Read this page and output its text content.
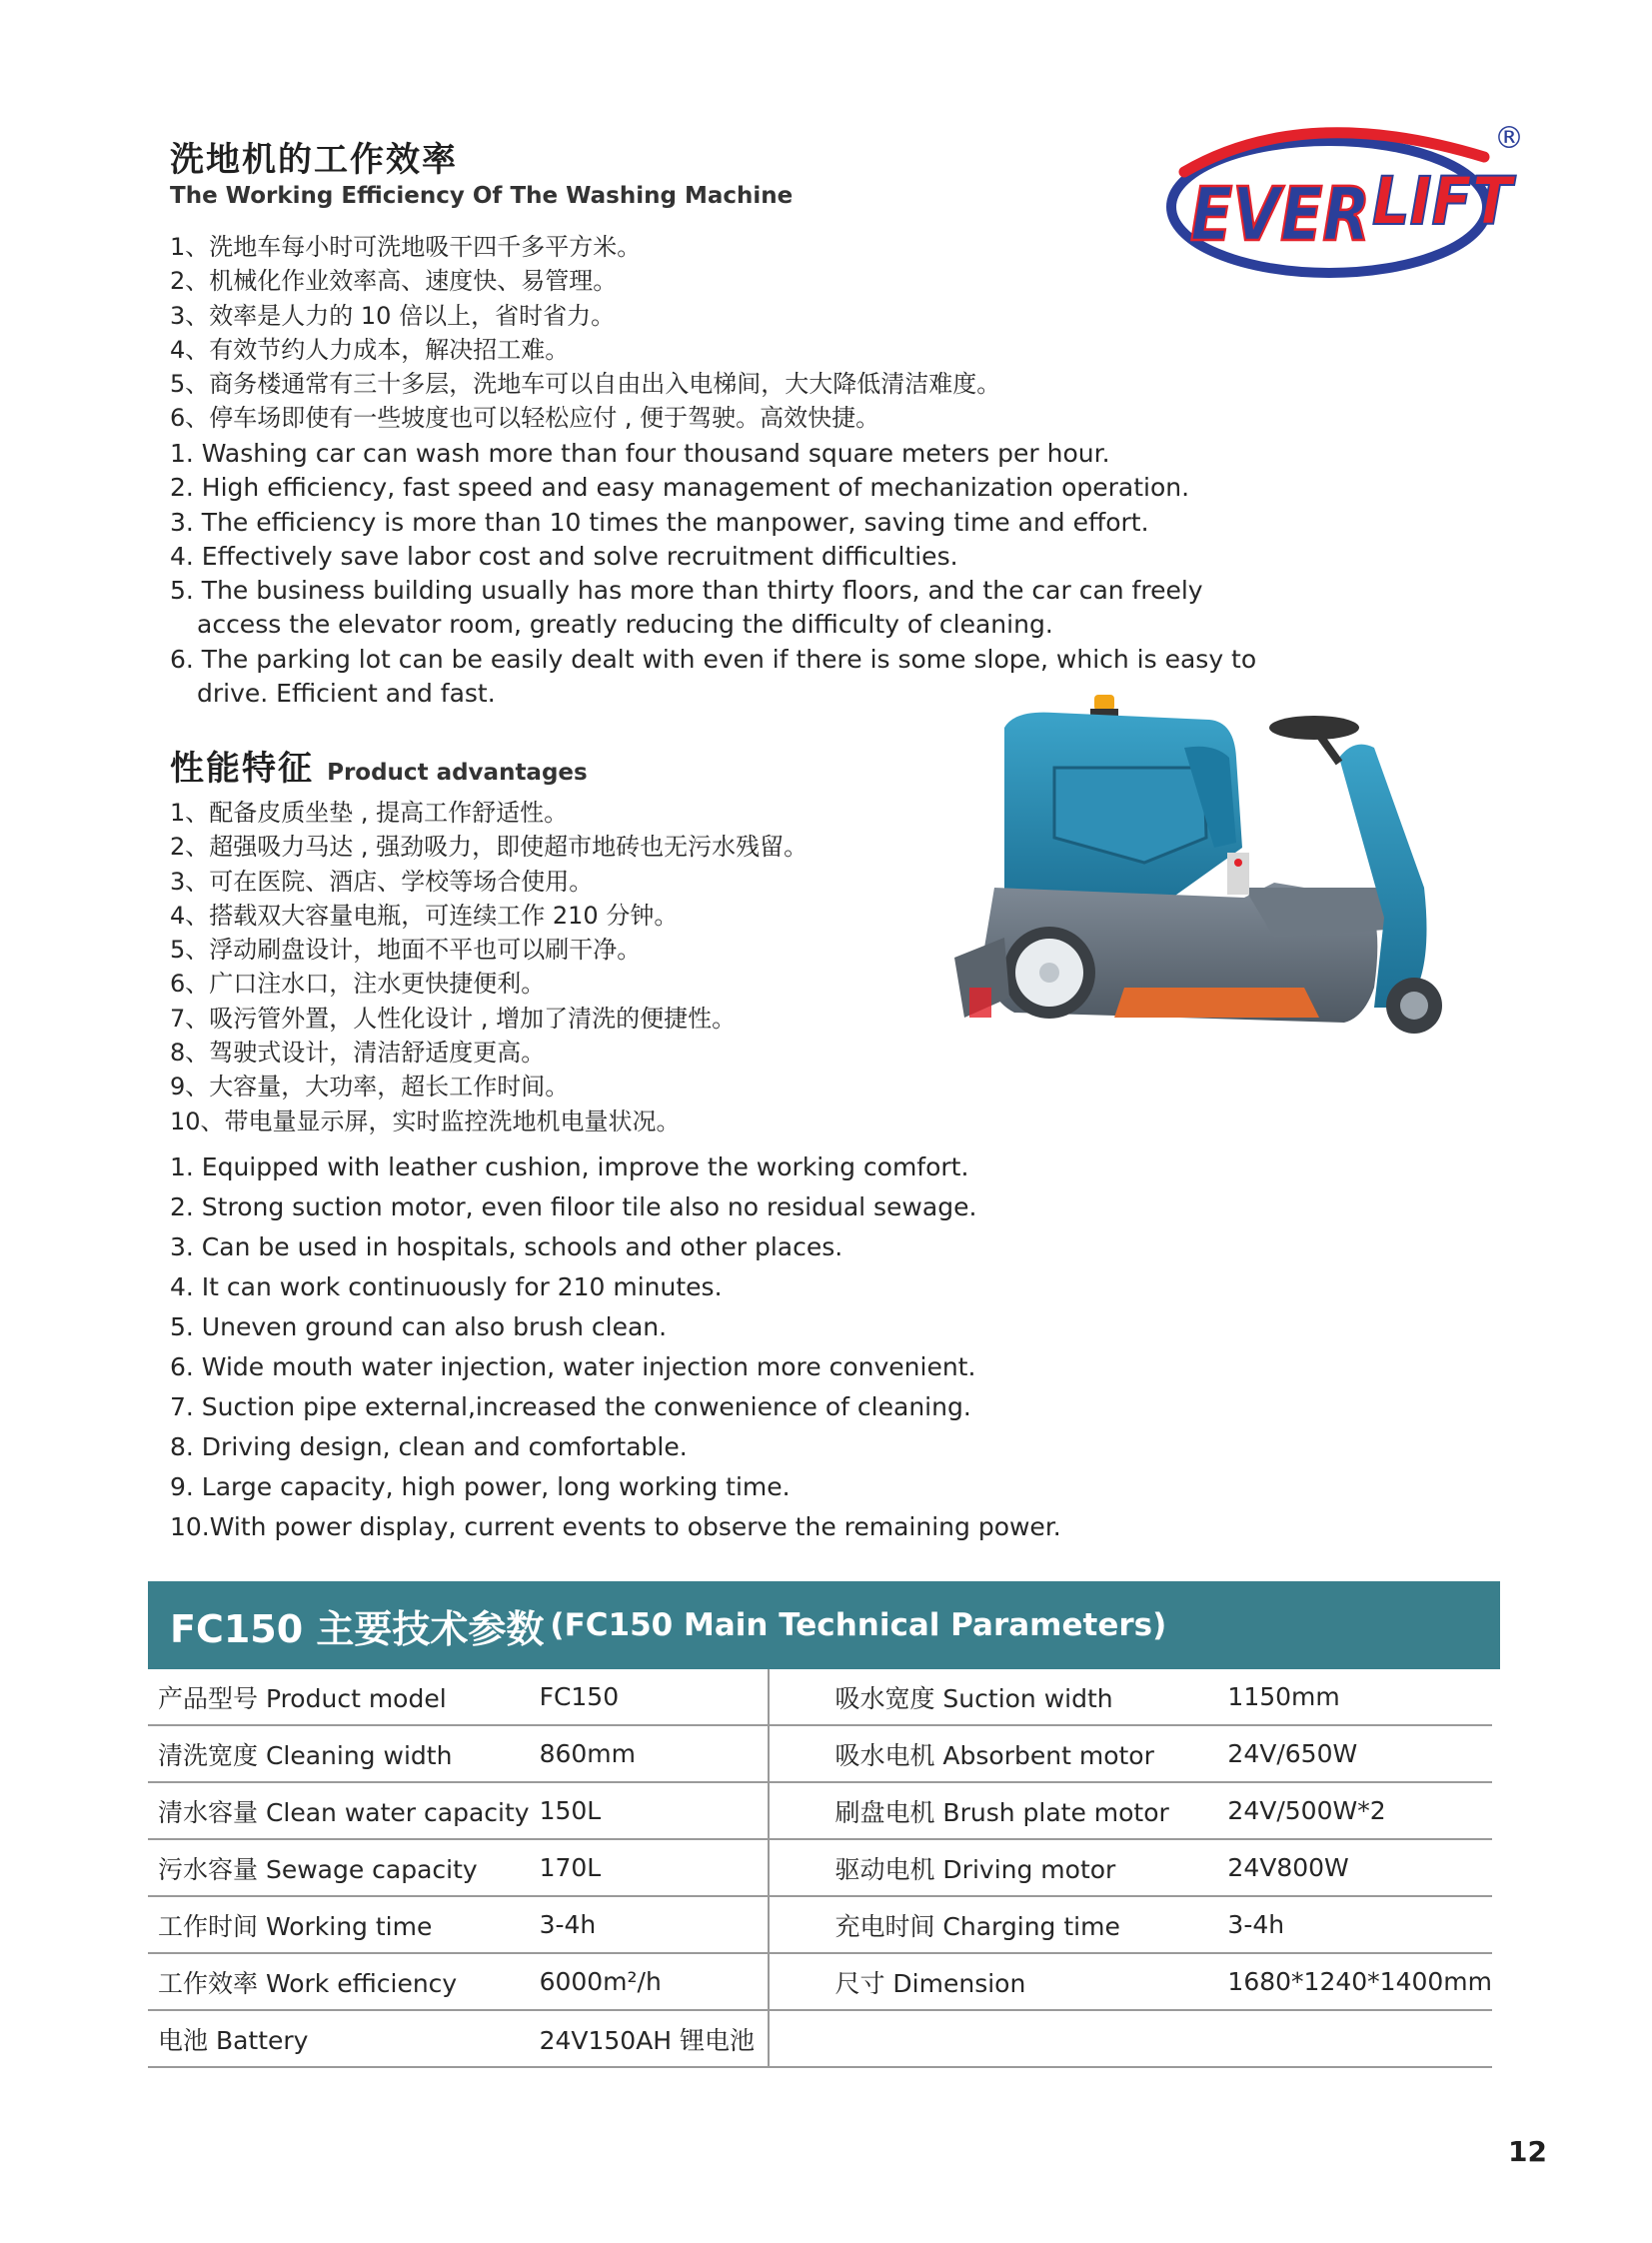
洗地机的工作效率
The Working Efficiency Of The Washing Machine	EVER LIFT
®
1、洗地车每小时可洗地吸干四千多平方米。
2、机械化作业效率高、速度快、易管理。
3、效率是人力的 10 倍以上，省时省力。
4、有效节约人力成本，解决招工难。
5、商务楼通常有三十多层，洗地车可以自由出入电梯间，大大降低清洁难度。
6、停车场即使有一些坡度也可以轻松应付 , 便于驾驶。高效快捷。
1. Washing car can wash more than four thousand square meters per hour.
2. High efficiency, fast speed and easy management of mechanization operation.
3. The efficiency is more than 10 times the manpower, saving time and effort.
4. Effectively save labor cost and solve recruitment difficulties.
5. The business building usually has more than thirty floors, and the car can freely access the elevator room, greatly reducing the difficulty of cleaning.
6. The parking lot can be easily dealt with even if there is some slope, which is easy to drive. Efficient and fast.
性能特征 Product advantages
1、配备皮质坐垫 , 提高工作舒适性。
2、超强吸力马达 , 强劲吸力，即使超市地砖也无污水残留。
3、可在医院、酒店、学校等场合使用。
4、搭载双大容量电瓶，可连续工作 210 分钟。
5、浮动刷盘设计，地面不平也可以刷干净。
6、广口注水口，注水更快捷便利。
7、吸污管外置，人性化设计 , 增加了清洗的便捷性。
8、驾驶式设计，清洁舒适度更高。
9、大容量，大功率，超长工作时间。
10、带电量显示屏，实时监控洗地机电量状况。
1. Equipped with leather cushion, improve the working comfort.
2. Strong suction motor, even filoor tile also no residual sewage.
3. Can be used in hospitals, schools and other places.
4. It can work continuously for 210 minutes.
5. Uneven ground can also brush clean.
6. Wide mouth water injection, water injection more convenient.
7. Suction pipe external,increased the conwenience of cleaning.
8. Driving design, clean and comfortable.
9. Large capacity, high power, long working time.
10.With power display, current events to observe the remaining power.
FC150 主要技术参数 (FC150 Main Technical Parameters)
产品型号 Product model	FC150	吸水宽度 Suction width	1150mm
清洗宽度 Cleaning width	860mm	吸水电机 Absorbent motor	24V/650W
清水容量 Clean water capacity	150L	刷盘电机 Brush plate motor	24V/500W*2
污水容量 Sewage capacity	170L	驱动电机 Driving motor	24V800W
工作时间 Working time	3-4h	充电时间 Charging time	3-4h
工作效率 Work efficiency	6000m²/h	尺寸 Dimension	1680*1240*1400mm
电池 Battery	24V150AH 锂电池		
12
